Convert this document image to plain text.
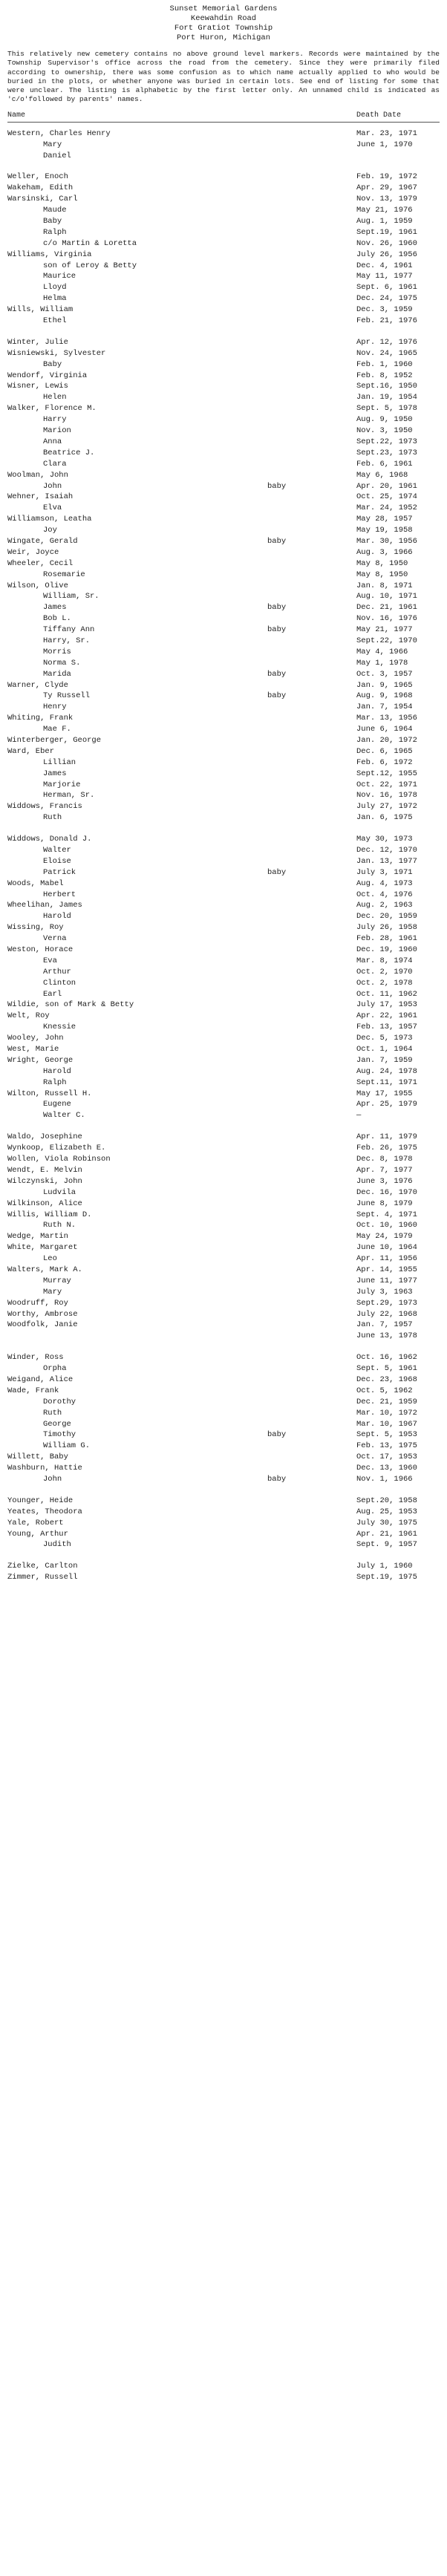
Sunset Memorial Gardens
Keewahdin Road
Fort Gratiot Township
Port Huron, Michigan
This relatively new cemetery contains no above ground level markers. Records were maintained by the Township Supervisor's office across the road from the cemetery. Since they were primarily filed according to ownership, there was some confusion as to which name actually applied to who would be buried in the plots, or whether anyone was buried in certain lots. See end of listing for some that were unclear. The listing is alphabetic by the first letter only. An unnamed child is indicated as 'c/o'followed by parents' names.
Name	Death Date
Western, Charles Henry	Mar. 23, 1971
Mary	June 1, 1970
Daniel
Weller, Enoch	Feb. 19, 1972
Wakeham, Edith	Apr. 29, 1967
Warsinski, Carl	Nov. 13, 1979
Maude	May 21, 1976
Baby	Aug. 1, 1959
Ralph	Sept.19, 1961
c/o Martin & Loretta	Nov. 26, 1960
Williams, Virginia	July 26, 1956
son of Leroy & Betty	Dec. 4, 1961
Maurice	May 11, 1977
Lloyd	Sept. 6, 1961
Helma	Dec. 24, 1975
Wills, William	Dec. 3, 1959
Ethel	Feb. 21, 1976
Winter, Julie	Apr. 12, 1976
Wisniewski, Sylvester	Nov. 24, 1965
Baby	Feb. 1, 1960
Wendorf, Virginia	Feb. 8, 1952
Wisner, Lewis	Sept.16, 1950
Helen	Jan. 19, 1954
Walker, Florence M.	Sept. 5, 1978
Harry	Aug. 9, 1950
Marion	Nov. 3, 1950
Anna	Sept.22, 1973
Beatrice J.	Sept.23, 1973
Clara	Feb. 6, 1961
Woolman, John	May 6, 1968
John	baby	Apr. 20, 1961
Wehner, Isaiah	Oct. 25, 1974
Elva	Mar. 24, 1952
Williamson, Leatha	May 28, 1957
Joy	May 19, 1958
Wingate, Gerald	baby	Mar. 30, 1956
Weir, Joyce	Aug. 3, 1966
Wheeler, Cecil	May 8, 1950
Rosemarie	May 8, 1950
Wilson, Olive	Jan. 8, 1971
William, Sr.	Aug. 10, 1971
James	baby	Dec. 21, 1961
Bob L.	Nov. 16, 1976
Tiffany Ann	baby	May 21, 1977
Harry, Sr.	Sept.22, 1970
Morris	May 4, 1966
Norma S.	May 1, 1978
Marida	baby	Oct. 3, 1957
Warner, Clyde	Jan. 9, 1965
Ty Russell	baby	Aug. 9, 1968
Henry	Jan. 7, 1954
Whiting, Frank	Mar. 13, 1956
Mae F.	June 6, 1964
Winterberger, George	Jan. 20, 1972
Ward, Eber	Dec. 6, 1965
Lillian	Feb. 6, 1972
James	Sept.12, 1955
Marjorie	Oct. 22, 1971
Herman, Sr.	Nov. 16, 1978
Widdows, Francis	July 27, 1972
Ruth	Jan. 6, 1975
Widdows, Donald J.	May 30, 1973
Walter	Dec. 12, 1970
Eloise	Jan. 13, 1977
Patrick	baby	July 3, 1971
Woods, Mabel	Aug. 4, 1973
Herbert	Oct. 4, 1976
Wheelihan, James	Aug. 2, 1963
Harold	Dec. 20, 1959
Wissing, Roy	July 26, 1958
Verna	Feb. 28, 1961
Weston, Horace	Dec. 19, 1960
Eva	Mar. 8, 1974
Arthur	Oct. 2, 1970
Clinton	Oct. 2, 1978
Earl	Oct. 11, 1962
Wildie, son of Mark & Betty	July 17, 1953
Welt, Roy	Apr. 22, 1961
Knessie	Feb. 13, 1957
Wooley, John	Dec. 5, 1973
West, Marie	Oct. 1, 1964
Wright, George	Jan. 7, 1959
Harold	Aug. 24, 1978
Ralph	Sept.11, 1971
Wilton, Russell H.	May 17, 1955
Eugene	Apr. 25, 1979
Walter C.	—
Waldo, Josephine	Apr. 11, 1979
Wynkoop, Elizabeth E.	Feb. 26, 1975
Wollen, Viola Robinson	Dec. 8, 1978
Wendt, E. Melvin	Apr. 7, 1977
Wilczynski, John	June 3, 1976
Ludvila	Dec. 16, 1970
Wilkinson, Alice	June 8, 1979
Willis, William D.	Sept. 4, 1971
Ruth N.	Oct. 10, 1960
Wedge, Martin	May 24, 1979
White, Margaret	June 10, 1964
Leo	Apr. 11, 1956
Walters, Mark A.	Apr. 14, 1955
Murray	June 11, 1977
Mary	July 3, 1963
Woodruff, Roy	Sept.29, 1973
Worthy, Ambrose	July 22, 1968
Woodfolk, Janie	Jan. 7, 1957
June 13, 1978
Winder, Ross	Oct. 16, 1962
Orpha	Sept. 5, 1961
Weigand, Alice	Dec. 23, 1968
Wade, Frank	Oct. 5, 1962
Dorothy	Dec. 21, 1959
Ruth	Mar. 10, 1972
George	Mar. 10, 1967
Timothy	baby	Sept. 5, 1953
William G.	Feb. 13, 1975
Willett, Baby	Oct. 17, 1953
Washburn, Hattie	Dec. 13, 1960
John	baby	Nov. 1, 1966
Younger, Heide	Sept.20, 1958
Yeates, Theodora	Aug. 25, 1953
Yale, Robert	July 30, 1975
Young, Arthur	Apr. 21, 1961
Judith	Sept. 9, 1957
Zielke, Carlton	July 1, 1960
Zimmer, Russell	Sept.19, 1975
